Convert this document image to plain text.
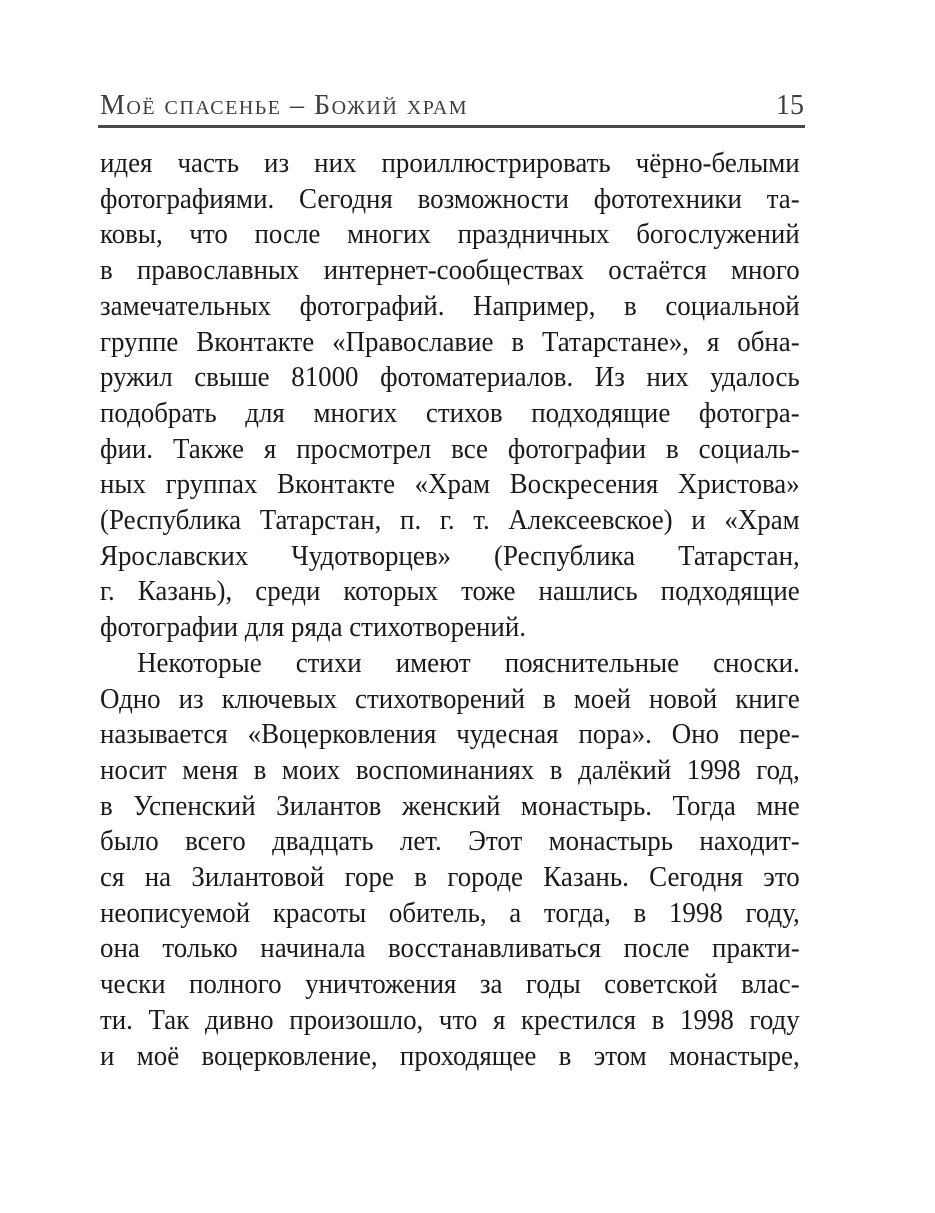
Моё спасенье – Божий храм	15
идея часть из них проиллюстрировать чёрно-белыми
фотографиями. Сегодня возможности фототехники та-
ковы, что после многих праздничных богослужений
в православных интернет-сообществах остаётся много
замечательных фотографий. Например, в социальной
группе Вконтакте «Православие в Татарстане», я обна-
ружил свыше 81000 фотоматериалов. Из них удалось
подобрать для многих стихов подходящие фотогра-
фии. Также я просмотрел все фотографии в социаль-
ных группах Вконтакте «Храм Воскресения Христова»
(Республика Татарстан, п. г. т. Алексеевское) и «Храм
Ярославских Чудотворцев» (Республика Татарстан,
г. Казань), среди которых тоже нашлись подходящие
фотографии для ряда стихотворений.
Некоторые стихи имеют пояснительные сноски.
Одно из ключевых стихотворений в моей новой книге
называется «Воцерковления чудесная пора». Оно пере-
носит меня в моих воспоминаниях в далёкий 1998 год,
в Успенский Зилантов женский монастырь. Тогда мне
было всего двадцать лет. Этот монастырь находит-
ся на Зилантовой горе в городе Казань. Сегодня это
неописуемой красоты обитель, а тогда, в 1998 году,
она только начинала восстанавливаться после практи-
чески полного уничтожения за годы советской влас-
ти. Так дивно произошло, что я крестился в 1998 году
и моё воцерковление, проходящее в этом монастыре,
